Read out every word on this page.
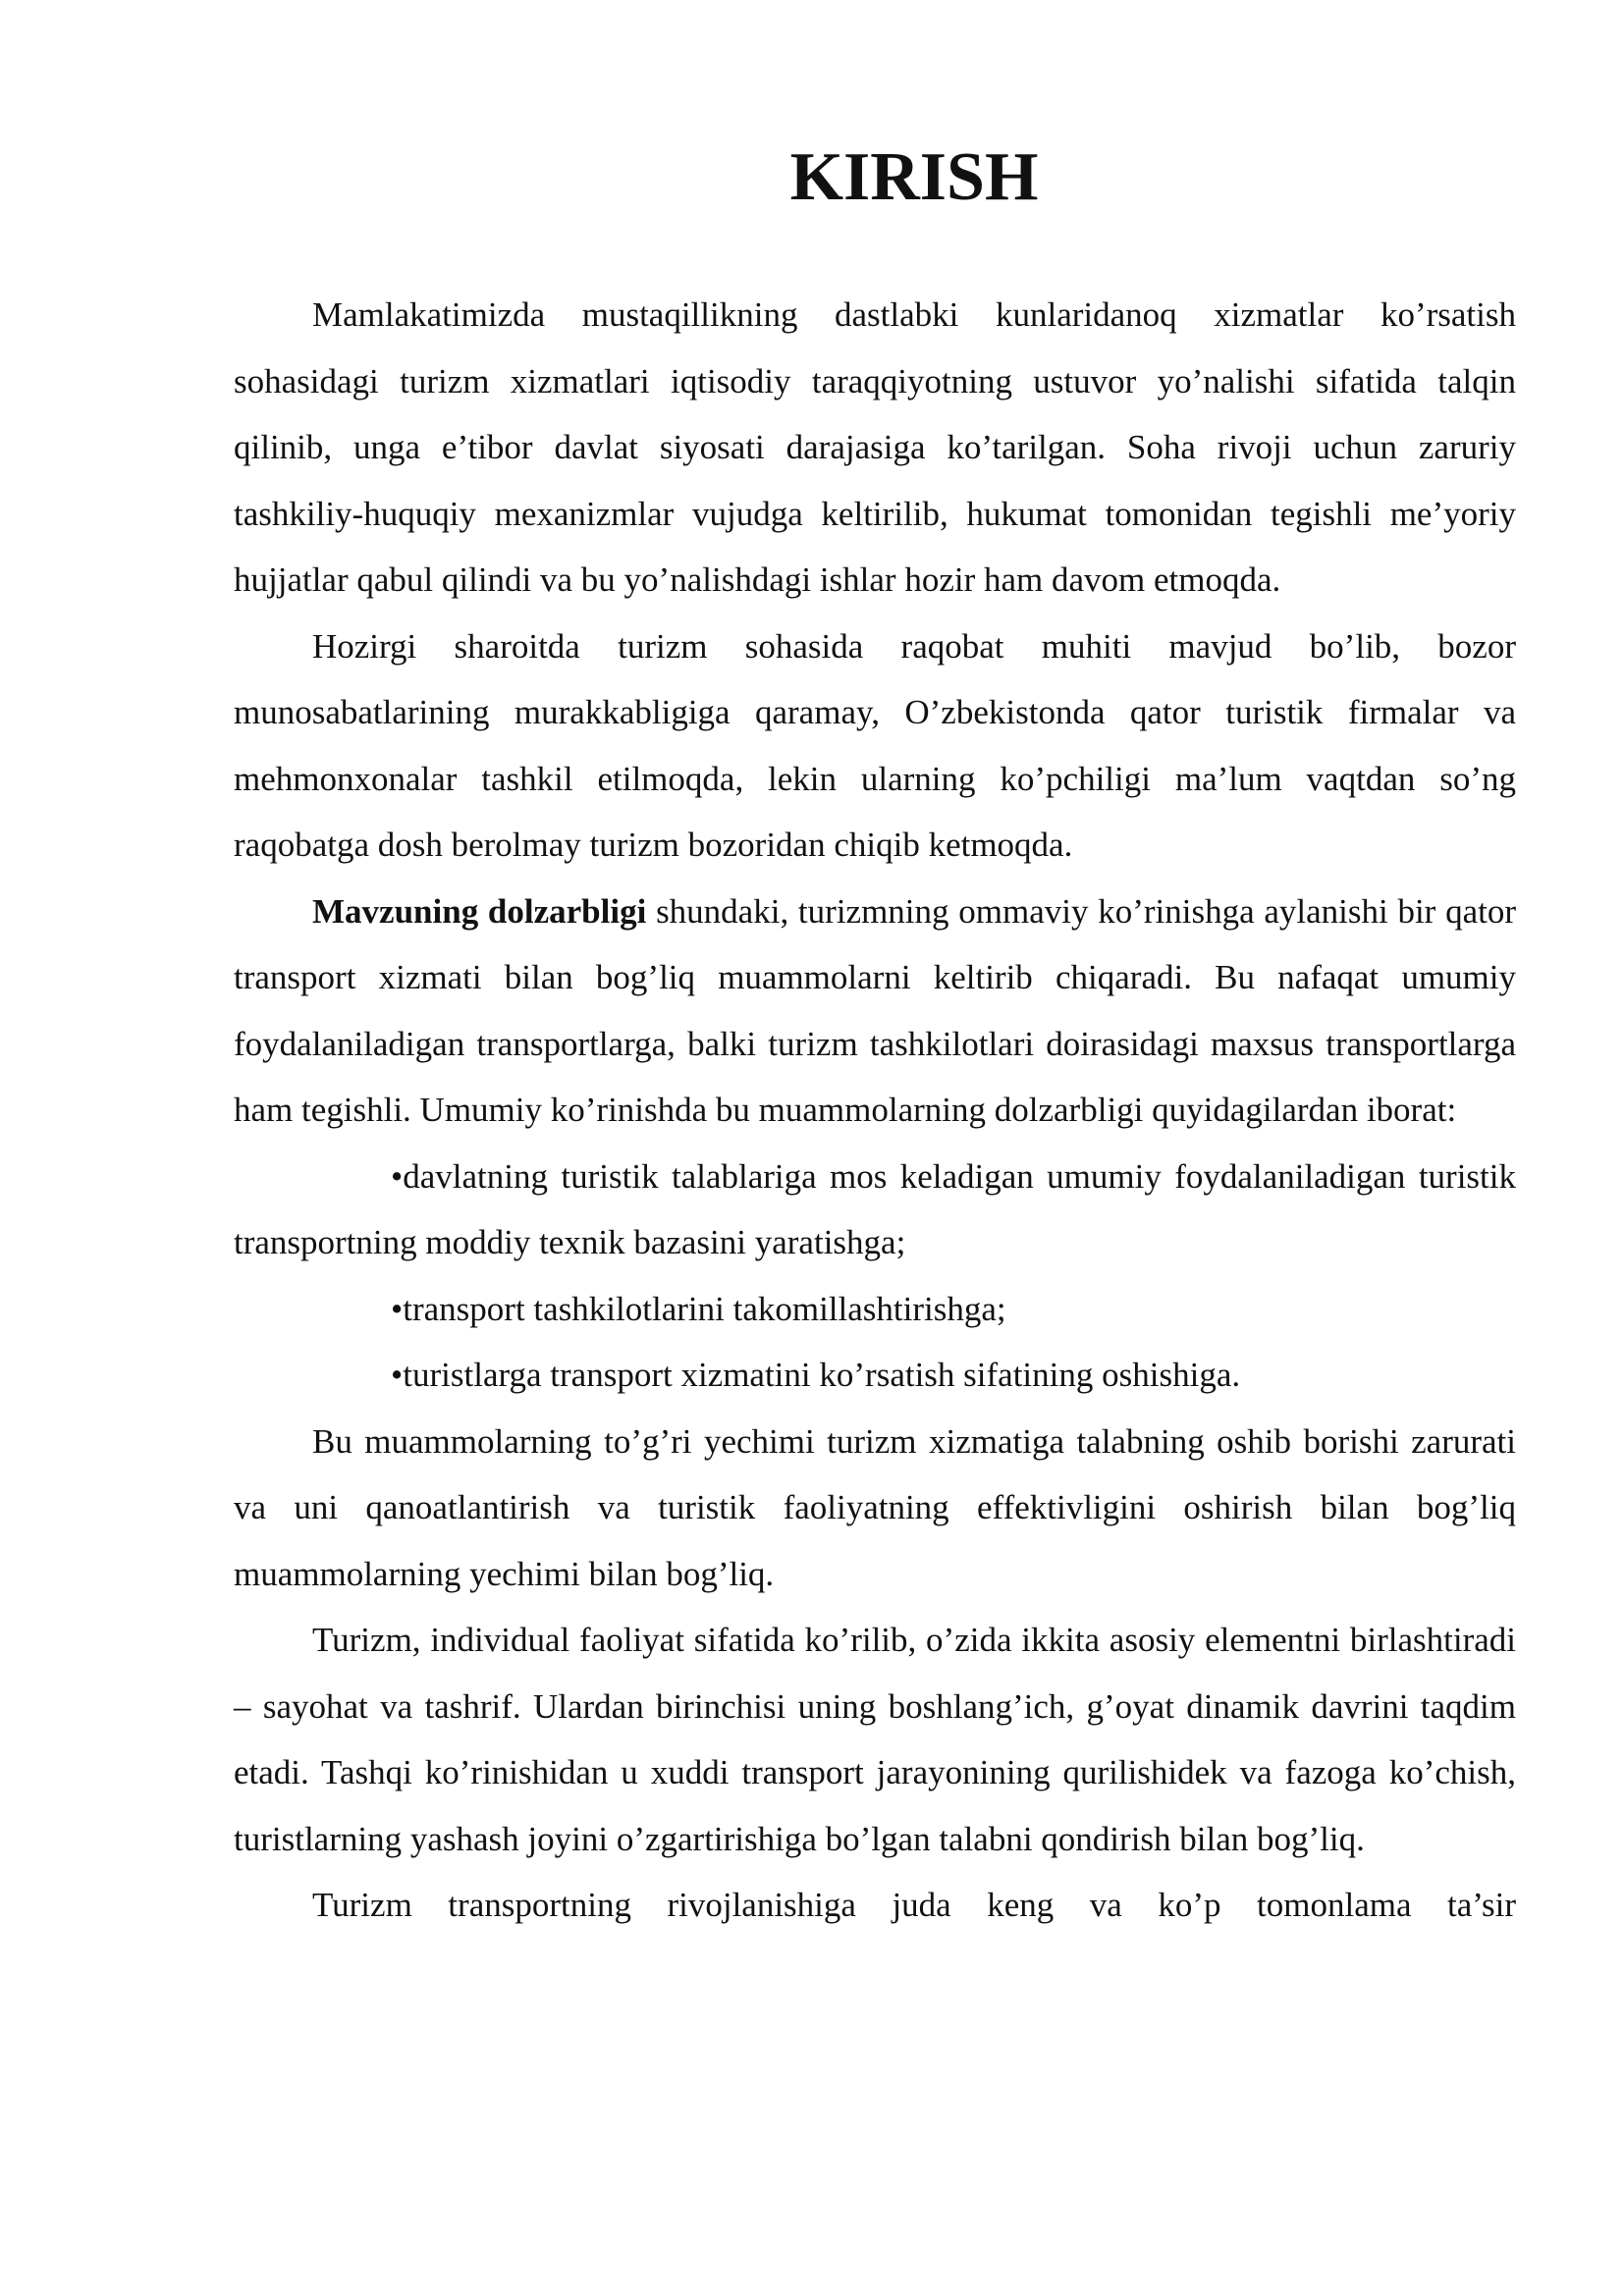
KIRISH

Mamlakatimizda mustaqillikning dastlabki kunlaridanoq xizmatlar ko’rsatish sohasidagi turizm xizmatlari iqtisodiy taraqqiyotning ustuvor yo’nalishi sifatida talqin qilinib, unga e’tibor davlat siyosati darajasiga ko’tarilgan. Soha rivoji uchun zaruriy tashkiliy-huquqiy mexanizmlar vujudga keltirilib, hukumat tomonidan tegishli me’yoriy hujjatlar qabul qilindi va bu yo’nalishdagi ishlar hozir ham davom etmoqda.

Hozirgi sharoitda turizm sohasida raqobat muhiti mavjud bo’lib, bozor munosabatlarining murakkabligiga qaramay, O’zbekistonda qator turistik firmalar va mehmonxonalar tashkil etilmoqda, lekin ularning ko’pchiligi ma’lum vaqtdan so’ng raqobatga dosh berolmay turizm bozoridan chiqib ketmoqda.

Mavzuning dolzarbligi shundaki, turizmning ommaviy ko’rinishga aylanishi bir qator transport xizmati bilan bog’liq muammolarni keltirib chiqaradi. Bu nafaqat umumiy foydalaniladigan transportlarga, balki turizm tashkilotlari doirasidagi maxsus transportlarga ham tegishli. Umumiy ko’rinishda bu muammolarning dolzarbligi quyidagilardan iborat:

•davlatning turistik talablariga mos keladigan umumiy foydalaniladigan turistik transportning moddiy texnik bazasini yaratishga;
•transport tashkilotlarini takomillashtirishga;
•turistlarga transport xizmatini ko’rsatish sifatining oshishiga.

Bu muammolarning to’g’ri yechimi turizm xizmatiga talabning oshib borishi zarurati va uni qanoatlantirish va turistik faoliyatning effektivligini oshirish bilan bog’liq muammolarning yechimi bilan bog’liq.

Turizm, individual faoliyat sifatida ko’rilib, o’zida ikkita asosiy elementni birlashtiradi – sayohat va tashrif. Ulardan birinchisi uning boshlang’ich, g’oyat dinamik davrini taqdim etadi. Tashqi ko’rinishidan u xuddi transport jarayonining qurilishidek va fazoga ko’chish, turistlarning yashash joyini o’zgartirishiga bo’lgan talabni qondirish bilan bog’liq.

Turizm transportning rivojlanishiga juda keng va ko’p tomonlama ta’sir
